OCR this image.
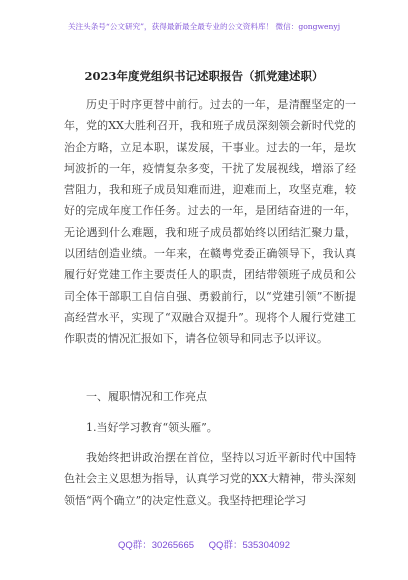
关注头条号“公文研究”，获得最新最全最专业的公文资料库！ 微信：gongwenyj
2023年度党组织书记述职报告（抓党建述职）

历史于时序更替中前行。过去的一年，是清醒坚定的一年，党的XX大胜利召开，我和班子成员深刻领会新时代党的治企方略，立足本职，谋发展，干事业。过去的一年，是坎坷波折的一年，疫情复杂多变，干扰了发展视线，增添了经营阻力，我和班子成员知难而进，迎难而上，攻坚克难，较好的完成年度工作任务。过去的一年，是团结奋进的一年，无论遇到什么难题，我和班子成员都始终以团结汇聚力量，以团结创造业绩。一年来，在赣粤党委正确领导下，我认真履行好党建工作主要责任人的职责，团结带领班子成员和公司全体干部职工自信自强、勇毅前行，以“党建引领”不断提高经营水平，实现了“双融合双提升”。现将个人履行党建工作职责的情况汇报如下，请各位领导和同志予以评议。

一、履职情况和工作亮点
1.当好学习教育“领头雁”。

我始终把讲政治摆在首位，坚持以习近平新时代中国特色社会主义思想为指导，认真学习党的XX大精神，带头深刻领悟“两个确立”的决定性意义。我坚持把理论学习

QQ群：30265665 QQ群：535304092
